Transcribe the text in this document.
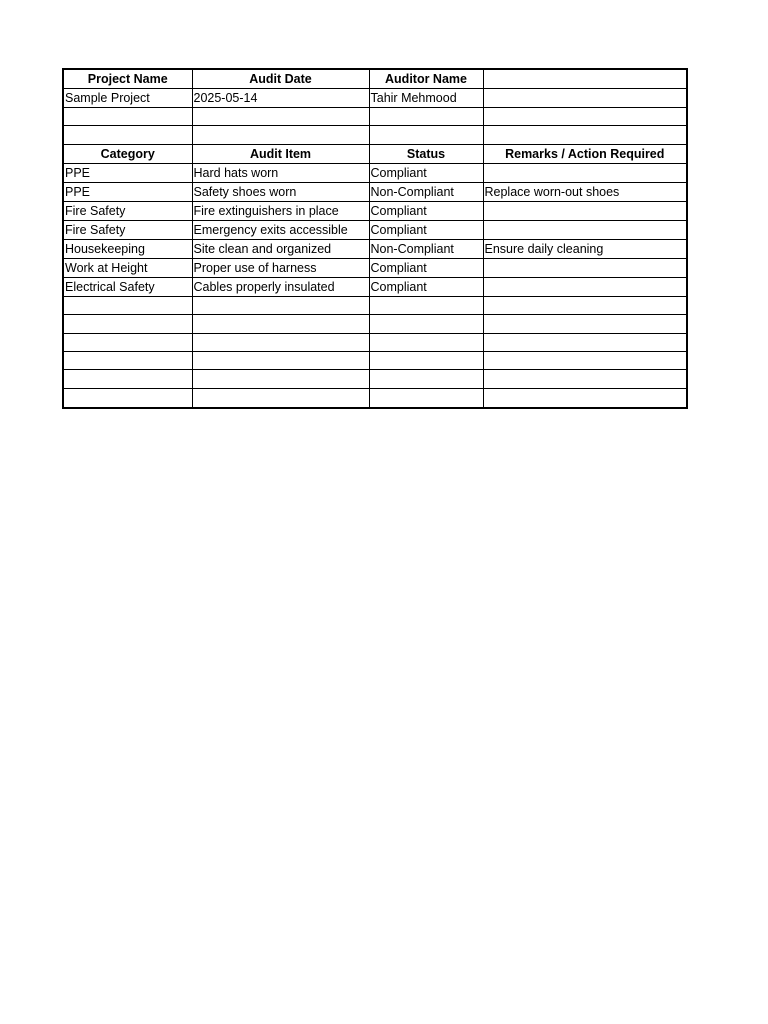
Project Name	Audit Date	Auditor Name	
Sample Project	2025-05-14	Tahir Mehmood	

Category	Audit Item	Status	Remarks / Action Required
PPE	Hard hats worn	Compliant	
PPE	Safety shoes worn	Non-Compliant	Replace worn-out shoes
Fire Safety	Fire extinguishers in place	Compliant	
Fire Safety	Emergency exits accessible	Compliant	
Housekeeping	Site clean and organized	Non-Compliant	Ensure daily cleaning
Work at Height	Proper use of harness	Compliant	
Electrical Safety	Cables properly insulated	Compliant	
